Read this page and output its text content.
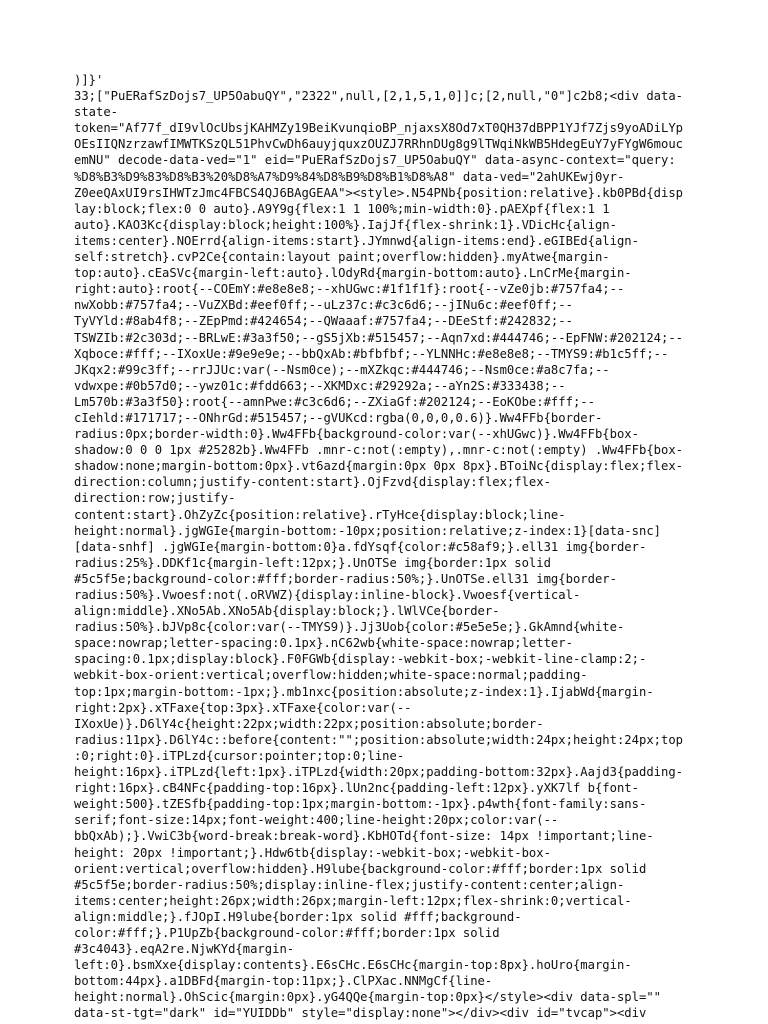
)]}'
33;["PuERafSzDojs7_UP5OabuQY","2322",null,[2,1,5,1,0]]c;[2,null,"0"]c2b8;<div data-
state-
token="Af77f_dI9vlOcUbsjKAHMZy19BeiKvunqioBP_njaxsX8Od7xT0QH37dBPP1YJf7Zjs9yoADiLYp
OEsIIQNzrzawfIMWTKSzQL51PhvCwDh6auyjquxzOUZJ7RRhnDUg8g9lTWqiNkWB5HdegEuY7yFYgW6mouc
emNU" decode-data-ved="1" eid="PuERafSzDojs7_UP5OabuQY" data-async-context="query:
%D8%B3%D9%83%D8%B3%20%D8%A7%D9%84%D8%B9%D8%B1%D8%A8" data-ved="2ahUKEwj0yr-
Z0eeQAxUI9rsIHWTzJmc4FBCS4QJ6BAgGEAA"><style>.N54PNb{position:relative}.kb0PBd{disp
lay:block;flex:0 0 auto}.A9Y9g{flex:1 1 100%;min-width:0}.pAEXpf{flex:1 1
auto}.KAO3Kc{display:block;height:100%}.IajJf{flex-shrink:1}.VDicHc{align-
items:center}.NOErrd{align-items:start}.JYmnwd{align-items:end}.eGIBEd{align-
self:stretch}.cvP2Ce{contain:layout paint;overflow:hidden}.myAtwe{margin-
top:auto}.cEaSVc{margin-left:auto}.lOdyRd{margin-bottom:auto}.LnCrMe{margin-
right:auto}:root{--COEmY:#e8e8e8;--xhUGwc:#1f1f1f}:root{--vZe0jb:#757fa4;--
nwXobb:#757fa4;--VuZXBd:#eef0ff;--uLz37c:#c3c6d6;--jINu6c:#eef0ff;--
TyVYld:#8ab4f8;--ZEpPmd:#424654;--QWaaaf:#757fa4;--DEeStf:#242832;--
TSWZIb:#2c303d;--BRLwE:#3a3f50;--gS5jXb:#515457;--Aqn7xd:#444746;--EpFNW:#202124;--
Xqboce:#fff;--IXoxUe:#9e9e9e;--bbQxAb:#bfbfbf;--YLNNHc:#e8e8e8;--TMYS9:#b1c5ff;--
JKqx2:#99c3ff;--rrJJUc:var(--Nsm0ce);--mXZkqc:#444746;--Nsm0ce:#a8c7fa;--
vdwxpe:#0b57d0;--ywz01c:#fdd663;--XKMDxc:#29292a;--aYn2S:#333438;--
Lm570b:#3a3f50}:root{--amnPwe:#c3c6d6;--ZXiaGf:#202124;--EoKObe:#fff;--
cIehld:#171717;--ONhrGd:#515457;--gVUKcd:rgba(0,0,0,0.6)}.Ww4FFb{border-
radius:0px;border-width:0}.Ww4FFb{background-color:var(--xhUGwc)}.Ww4FFb{box-
shadow:0 0 0 1px #25282b}.Ww4FFb .mnr-c:not(:empty),.mnr-c:not(:empty) .Ww4FFb{box-
shadow:none;margin-bottom:0px}.vt6azd{margin:0px 0px 8px}.BToiNc{display:flex;flex-
direction:column;justify-content:start}.OjFzvd{display:flex;flex-
direction:row;justify-
content:start}.OhZyZc{position:relative}.rTyHce{display:block;line-
height:normal}.jgWGIe{margin-bottom:-10px;position:relative;z-index:1}[data-snc]
[data-snhf] .jgWGIe{margin-bottom:0}a.fdYsqf{color:#c58af9;}.ell31 img{border-
radius:25%}.DDKf1c{margin-left:12px;}.UnOTSe img{border:1px solid
#5c5f5e;background-color:#fff;border-radius:50%;}.UnOTSe.ell31 img{border-
radius:50%}.Vwoesf:not(.oRVWZ){display:inline-block}.Vwoesf{vertical-
align:middle}.XNo5Ab.XNo5Ab{display:block;}.lWlVCe{border-
radius:50%}.bJVp8c{color:var(--TMYS9)}.Jj3Uob{color:#5e5e5e;}.GkAmnd{white-
space:nowrap;letter-spacing:0.1px}.nC62wb{white-space:nowrap;letter-
spacing:0.1px;display:block}.F0FGWb{display:-webkit-box;-webkit-line-clamp:2;-
webkit-box-orient:vertical;overflow:hidden;white-space:normal;padding-
top:1px;margin-bottom:-1px;}.mb1nxc{position:absolute;z-index:1}.IjabWd{margin-
right:2px}.xTFaxe{top:3px}.xTFaxe{color:var(--
IXoxUe)}.D6lY4c{height:22px;width:22px;position:absolute;border-
radius:11px}.D6lY4c::before{content:"";position:absolute;width:24px;height:24px;top
:0;right:0}.iTPLzd{cursor:pointer;top:0;line-
height:16px}.iTPLzd{left:1px}.iTPLzd{width:20px;padding-bottom:32px}.Aajd3{padding-
right:16px}.cB4NFc{padding-top:16px}.lUn2nc{padding-left:12px}.yXK7lf b{font-
weight:500}.tZESfb{padding-top:1px;margin-bottom:-1px}.p4wth{font-family:sans-
serif;font-size:14px;font-weight:400;line-height:20px;color:var(--
bbQxAb);}.VwiC3b{word-break:break-word}.KbHOTd{font-size: 14px !important;line-
height: 20px !important;}.Hdw6tb{display:-webkit-box;-webkit-box-
orient:vertical;overflow:hidden}.H9lube{background-color:#fff;border:1px solid
#5c5f5e;border-radius:50%;display:inline-flex;justify-content:center;align-
items:center;height:26px;width:26px;margin-left:12px;flex-shrink:0;vertical-
align:middle;}.fJOpI.H9lube{border:1px solid #fff;background-
color:#fff;}.P1UpZb{background-color:#fff;border:1px solid
#3c4043}.eqA2re.NjwKYd{margin-
left:0}.bsmXxe{display:contents}.E6sCHc.E6sCHc{margin-top:8px}.hoUro{margin-
bottom:44px}.a1DBFd{margin-top:11px;}.ClPXac.NNMgCf{line-
height:normal}.OhScic{margin:0px}.yG4QQe{margin-top:0px}</style><div data-spl=""
data-st-tgt="dark" id="YUIDDb" style="display:none"></div><div id="tvcap"><div
